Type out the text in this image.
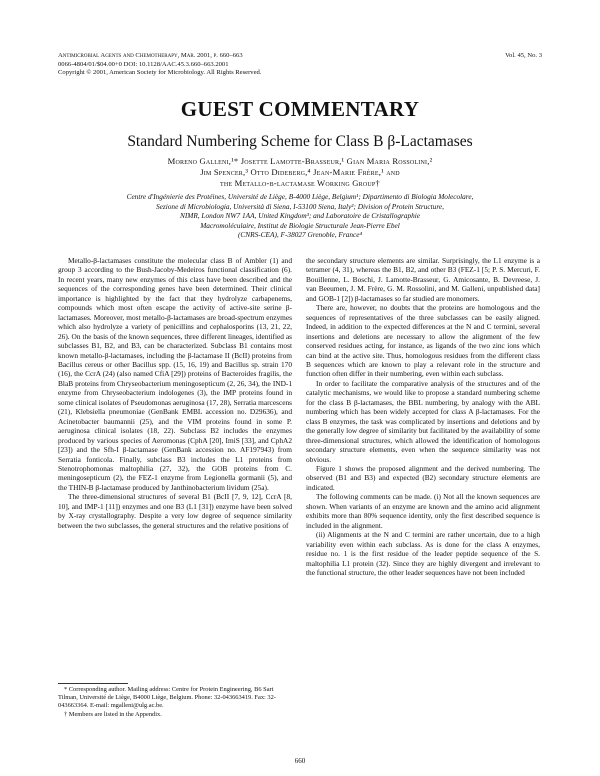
Antimicrobial Agents and Chemotherapy, Mar. 2001, p. 660–663
0066-4804/01/$04.00+0 DOI: 10.1128/AAC.45.3.660–663.2001
Copyright © 2001, American Society for Microbiology. All Rights Reserved.
Vol. 45, No. 3
GUEST COMMENTARY
Standard Numbering Scheme for Class B β-Lactamases
Moreno Galleni,¹* Josette Lamotte-Brasseur,¹ Gian Maria Rossolini,²
Jim Spencer,³ Otto Dideberg,⁴ Jean-Marie Frère,¹ and
the Metallo-β-lactamase Working Group†
Centre d'Ingénierie des Protéines, Université de Liège, B-4000 Liège, Belgium¹; Dipartimento di Biologia Molecolare,
Sezione di Microbiologia, Università di Siena, I-53100 Siena, Italy²; Division of Protein Structure,
NIMR, London NW7 1AA, United Kingdom³; and Laboratoire de Cristallographie
Macromoléculaire, Institut de Biologie Structurale Jean-Pierre Ebel
(CNRS-CEA), F-38027 Grenoble, France⁴

Metallo-β-lactamases constitute the molecular class B of Ambler (1) and group 3 according to the Bush-Jacoby-Medeiros functional classification (6). In recent years, many new enzymes of this class have been described and the sequences of the corresponding genes have been determined. Their clinical importance is highlighted by the fact that they hydrolyze carbapenems, compounds which most often escape the activity of active-site serine β-lactamases. Moreover, most metallo-β-lactamases are broad-spectrum enzymes which also hydrolyze a variety of penicillins and cephalosporins (13, 21, 22, 26). On the basis of the known sequences, three different lineages, identified as subclasses B1, B2, and B3, can be characterized. Subclass B1 contains most known metallo-β-lactamases, including the β-lactamase II (BcII) proteins from Bacillus cereus or other Bacillus spp. (15, 16, 19) and Bacillus sp. strain 170 (16), the CcrA (24) (also named CfiA [29]) proteins of Bacteroides fragilis, the BlaB proteins from Chryseobacterium meningosepticum (2, 26, 34), the IND-1 enzyme from Chryseobacterium indologenes (3), the IMP proteins found in some clinical isolates of Pseudomonas aeruginosa (17, 28), Serratia marcescens (21), Klebsiella pneumoniae (GenBank EMBL accession no. D29636), and Acinetobacter baumannii (25), and the VIM proteins found in some P. aeruginosa clinical isolates (18, 22). Subclass B2 includes the enzymes produced by various species of Aeromonas (CphA [20], ImiS [33], and CphA2 [23]) and the Sfh-I β-lactamase (GenBank accession no. AF197943) from Serratia fonticola. Finally, subclass B3 includes the L1 proteins from Stenotrophomonas maltophilia (27, 32), the GOB proteins from C. meningosepticum (2), the FEZ-1 enzyme from Legionella gormanii (5), and the THIN-B β-lactamase produced by Janthinobacterium lividum (25a).

The three-dimensional structures of several B1 (BcII [7, 9, 12], CcrA [8, 10], and IMP-1 [11]) enzymes and one B3 (L1 [31]) enzyme have been solved by X-ray crystallography. Despite a very low degree of sequence similarity between the two subclasses, the general structures and the relative positions of

the secondary structure elements are similar. Surprisingly, the L1 enzyme is a tetramer (4, 31), whereas the B1, B2, and other B3 (FEZ-1 [5; P. S. Mercuri, F. Bouillenne, L. Boschi, J. Lamotte-Brasseur, G. Amicosante, B. Devreese, J. van Beeumen, J. M. Frère, G. M. Rossolini, and M. Galleni, unpublished data] and GOB-1 [2]) β-lactamases so far studied are monomers.

There are, however, no doubts that the proteins are homologous and the sequences of representatives of the three subclasses can be easily aligned. Indeed, in addition to the expected differences at the N and C termini, several insertions and deletions are necessary to allow the alignment of the few conserved residues acting, for instance, as ligands of the two zinc ions which can bind at the active site. Thus, homologous residues from the different class B sequences which are known to play a relevant role in the structure and function often differ in their numbering, even within each subclass.

In order to facilitate the comparative analysis of the structures and of the catalytic mechanisms, we would like to propose a standard numbering scheme for the class B β-lactamases, the BBL numbering, by analogy with the ABL numbering which has been widely accepted for class A β-lactamases. For the class B enzymes, the task was complicated by insertions and deletions and by the generally low degree of similarity but facilitated by the availability of some three-dimensional structures, which allowed the identification of homologous secondary structure elements, even when the sequence similarity was not obvious.

Figure 1 shows the proposed alignment and the derived numbering. The observed (B1 and B3) and expected (B2) secondary structure elements are indicated.

The following comments can be made. (i) Not all the known sequences are shown. When variants of an enzyme are known and the amino acid alignment exhibits more than 80% sequence identity, only the first described sequence is included in the alignment.

(ii) Alignments at the N and C termini are rather uncertain, due to a high variability even within each subclass. As is done for the class A enzymes, residue no. 1 is the first residue of the leader peptide sequence of the S. maltophilia L1 protein (32). Since they are highly divergent and irrelevant to the functional structure, the other leader sequences have not been included

* Corresponding author. Mailing address: Centre for Protein Engineering, B6 Sart Tilman, Université de Liège, B4000 Liège, Belgium. Phone: 32-043663419. Fax: 32-043663364. E-mail: mgalleni@ulg.ac.be.

† Members are listed in the Appendix.

660
